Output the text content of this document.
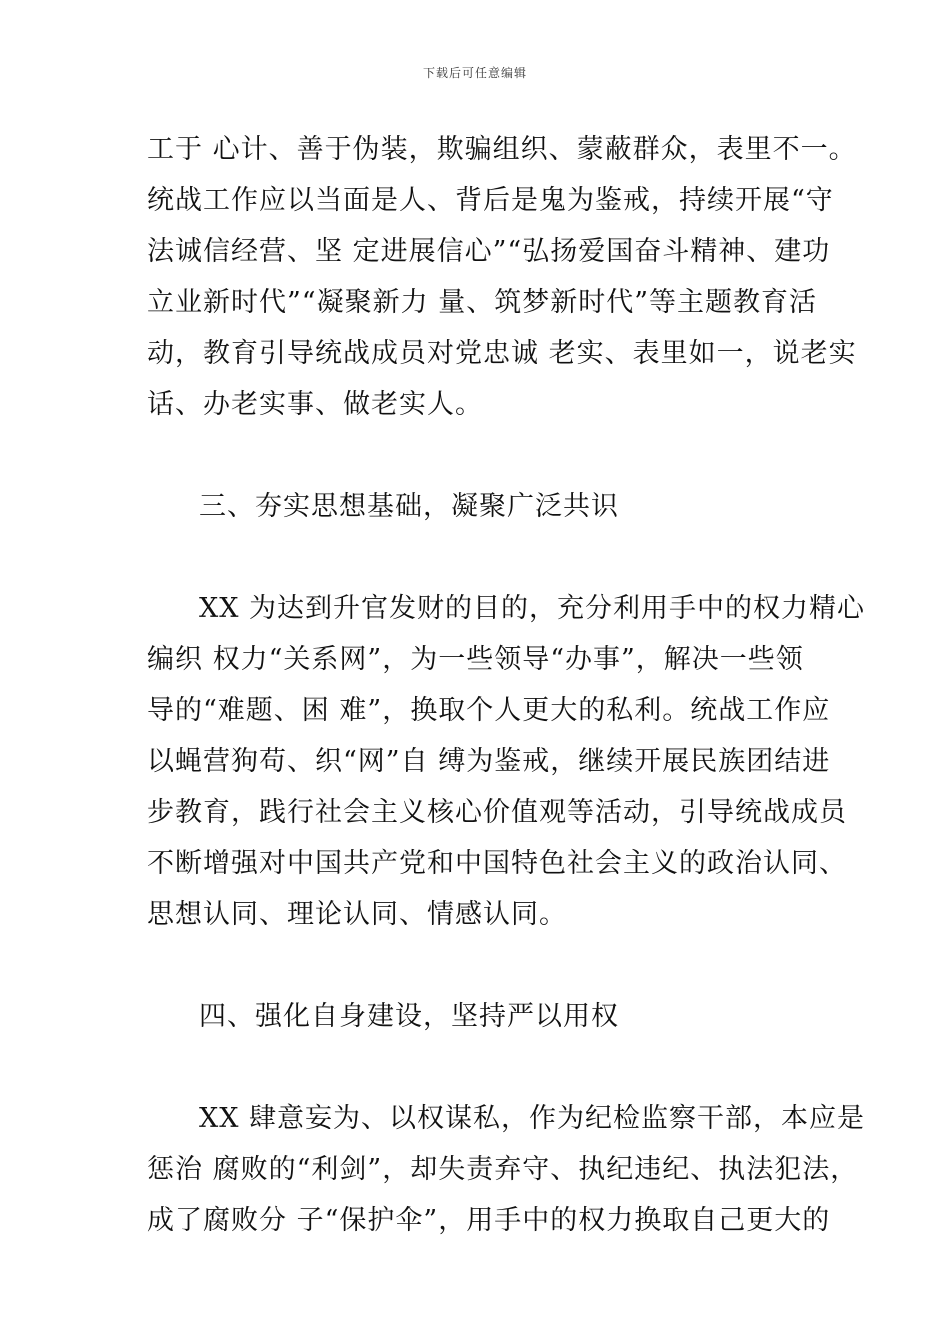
下载后可任意编辑
工于 心计、善于伪装，欺骗组织、蒙蔽群众，表里不一。
统战工作应以当面是人、背后是鬼为鉴戒，持续开展“守
法诚信经营、坚 定进展信心”“弘扬爱国奋斗精神、建功
立业新时代”“凝聚新力 量、筑梦新时代”等主题教育活
动，教育引导统战成员对党忠诚 老实、表里如一，说老实
话、办老实事、做老实人。
三、夯实思想基础，凝聚广泛共识
XX 为达到升官发财的目的，充分利用手中的权力精心
编织 权力“关系网”，为一些领导“办事”，解决一些领
导的“难题、困 难”，换取个人更大的私利。统战工作应
以蝇营狗苟、织“网”自 缚为鉴戒，继续开展民族团结进
步教育，践行社会主义核心价值观等活动，引导统战成员
不断增强对中国共产党和中国特色社会主义的政治认同、
思想认同、理论认同、情感认同。
四、强化自身建设，坚持严以用权
XX 肆意妄为、以权谋私，作为纪检监察干部，本应是
惩治 腐败的“利剑”，却失责弃守、执纪违纪、执法犯法，
成了腐败分 子“保护伞”，用手中的权力换取自己更大的
